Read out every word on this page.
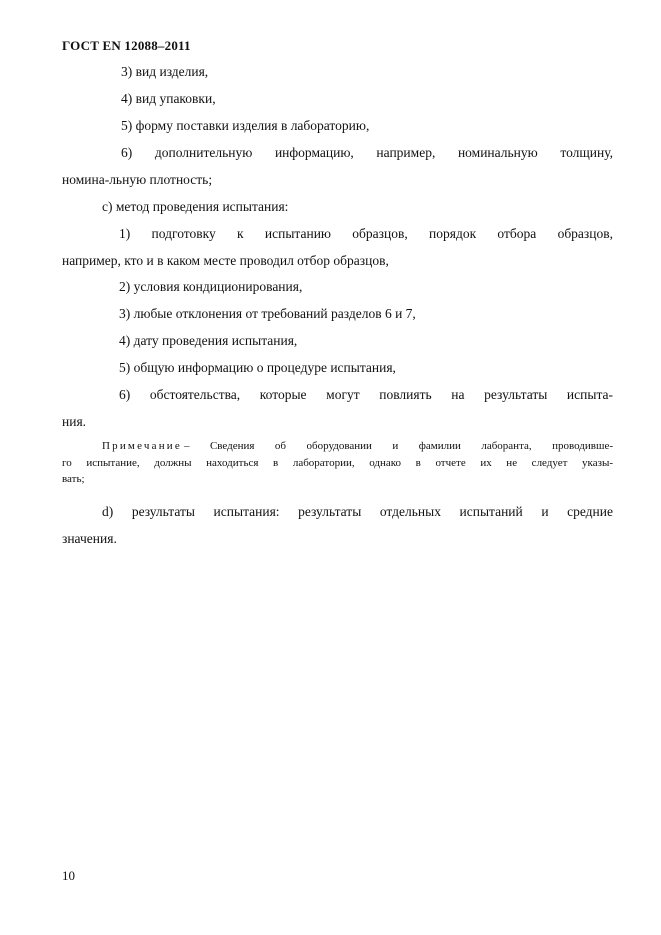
ГОСТ EN 12088–2011
3) вид изделия,
4) вид упаковки,
5) форму поставки изделия в лабораторию,
6) дополнительную информацию, например, номинальную толщину,
номина-льную плотность;
c) метод проведения испытания:
1) подготовку к испытанию образцов, порядок отбора образцов,
например, кто и в каком месте проводил отбор образцов,
2) условия кондиционирования,
3) любые отклонения от требований разделов 6 и 7,
4) дату проведения испытания,
5) общую информацию о процедуре испытания,
6) обстоятельства, которые могут повлиять на результаты испыта-
ния.
Примечание – Сведения об оборудовании и фамилии лаборанта, проводивше-
го испытание, должны находиться в лаборатории, однако в отчете их не следует указы-
вать;
d) результаты испытания: результаты отдельных испытаний и средние
значения.
10
